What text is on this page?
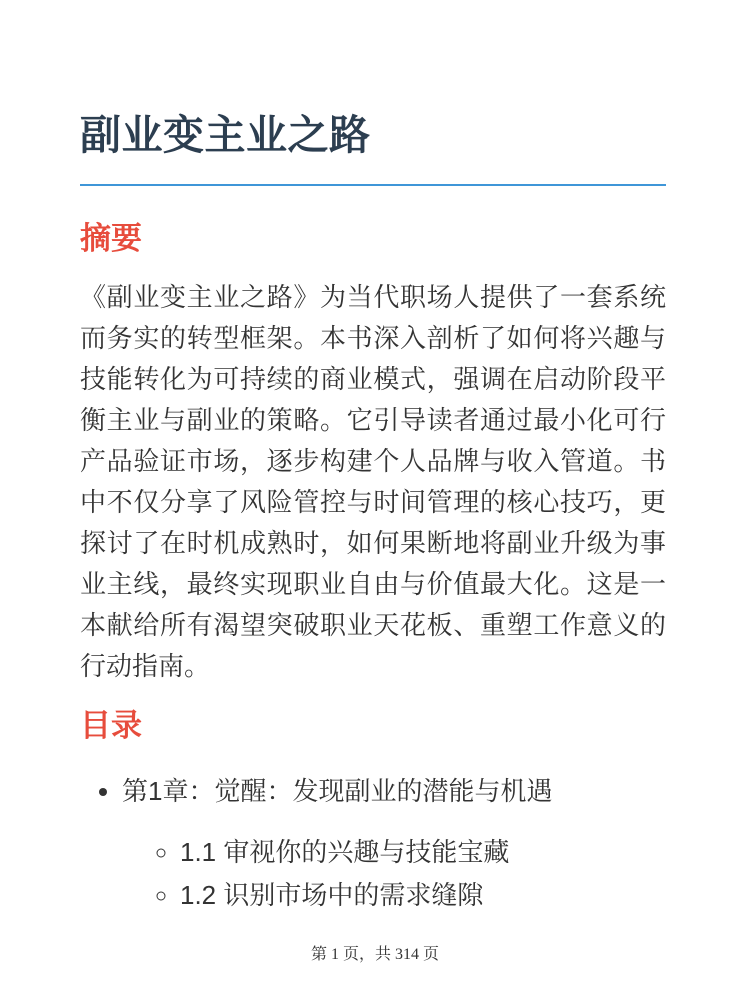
副业变主业之路
摘要

《副业变主业之路》为当代职场人提供了一套系统而务实的转型框架。本书深入剖析了如何将兴趣与技能转化为可持续的商业模式，强调在启动阶段平衡主业与副业的策略。它引导读者通过最小化可行产品验证市场，逐步构建个人品牌与收入管道。书中不仅分享了风险管控与时间管理的核心技巧，更探讨了在时机成熟时，如何果断地将副业升级为事业主线，最终实现职业自由与价值最大化。这是一本献给所有渴望突破职业天花板、重塑工作意义的行动指南。

目录
• 第1章：觉醒：发现副业的潜能与机遇
◦ 1.1 审视你的兴趣与技能宝藏
◦ 1.2 识别市场中的需求缝隙
第 1 页，共 314 页
